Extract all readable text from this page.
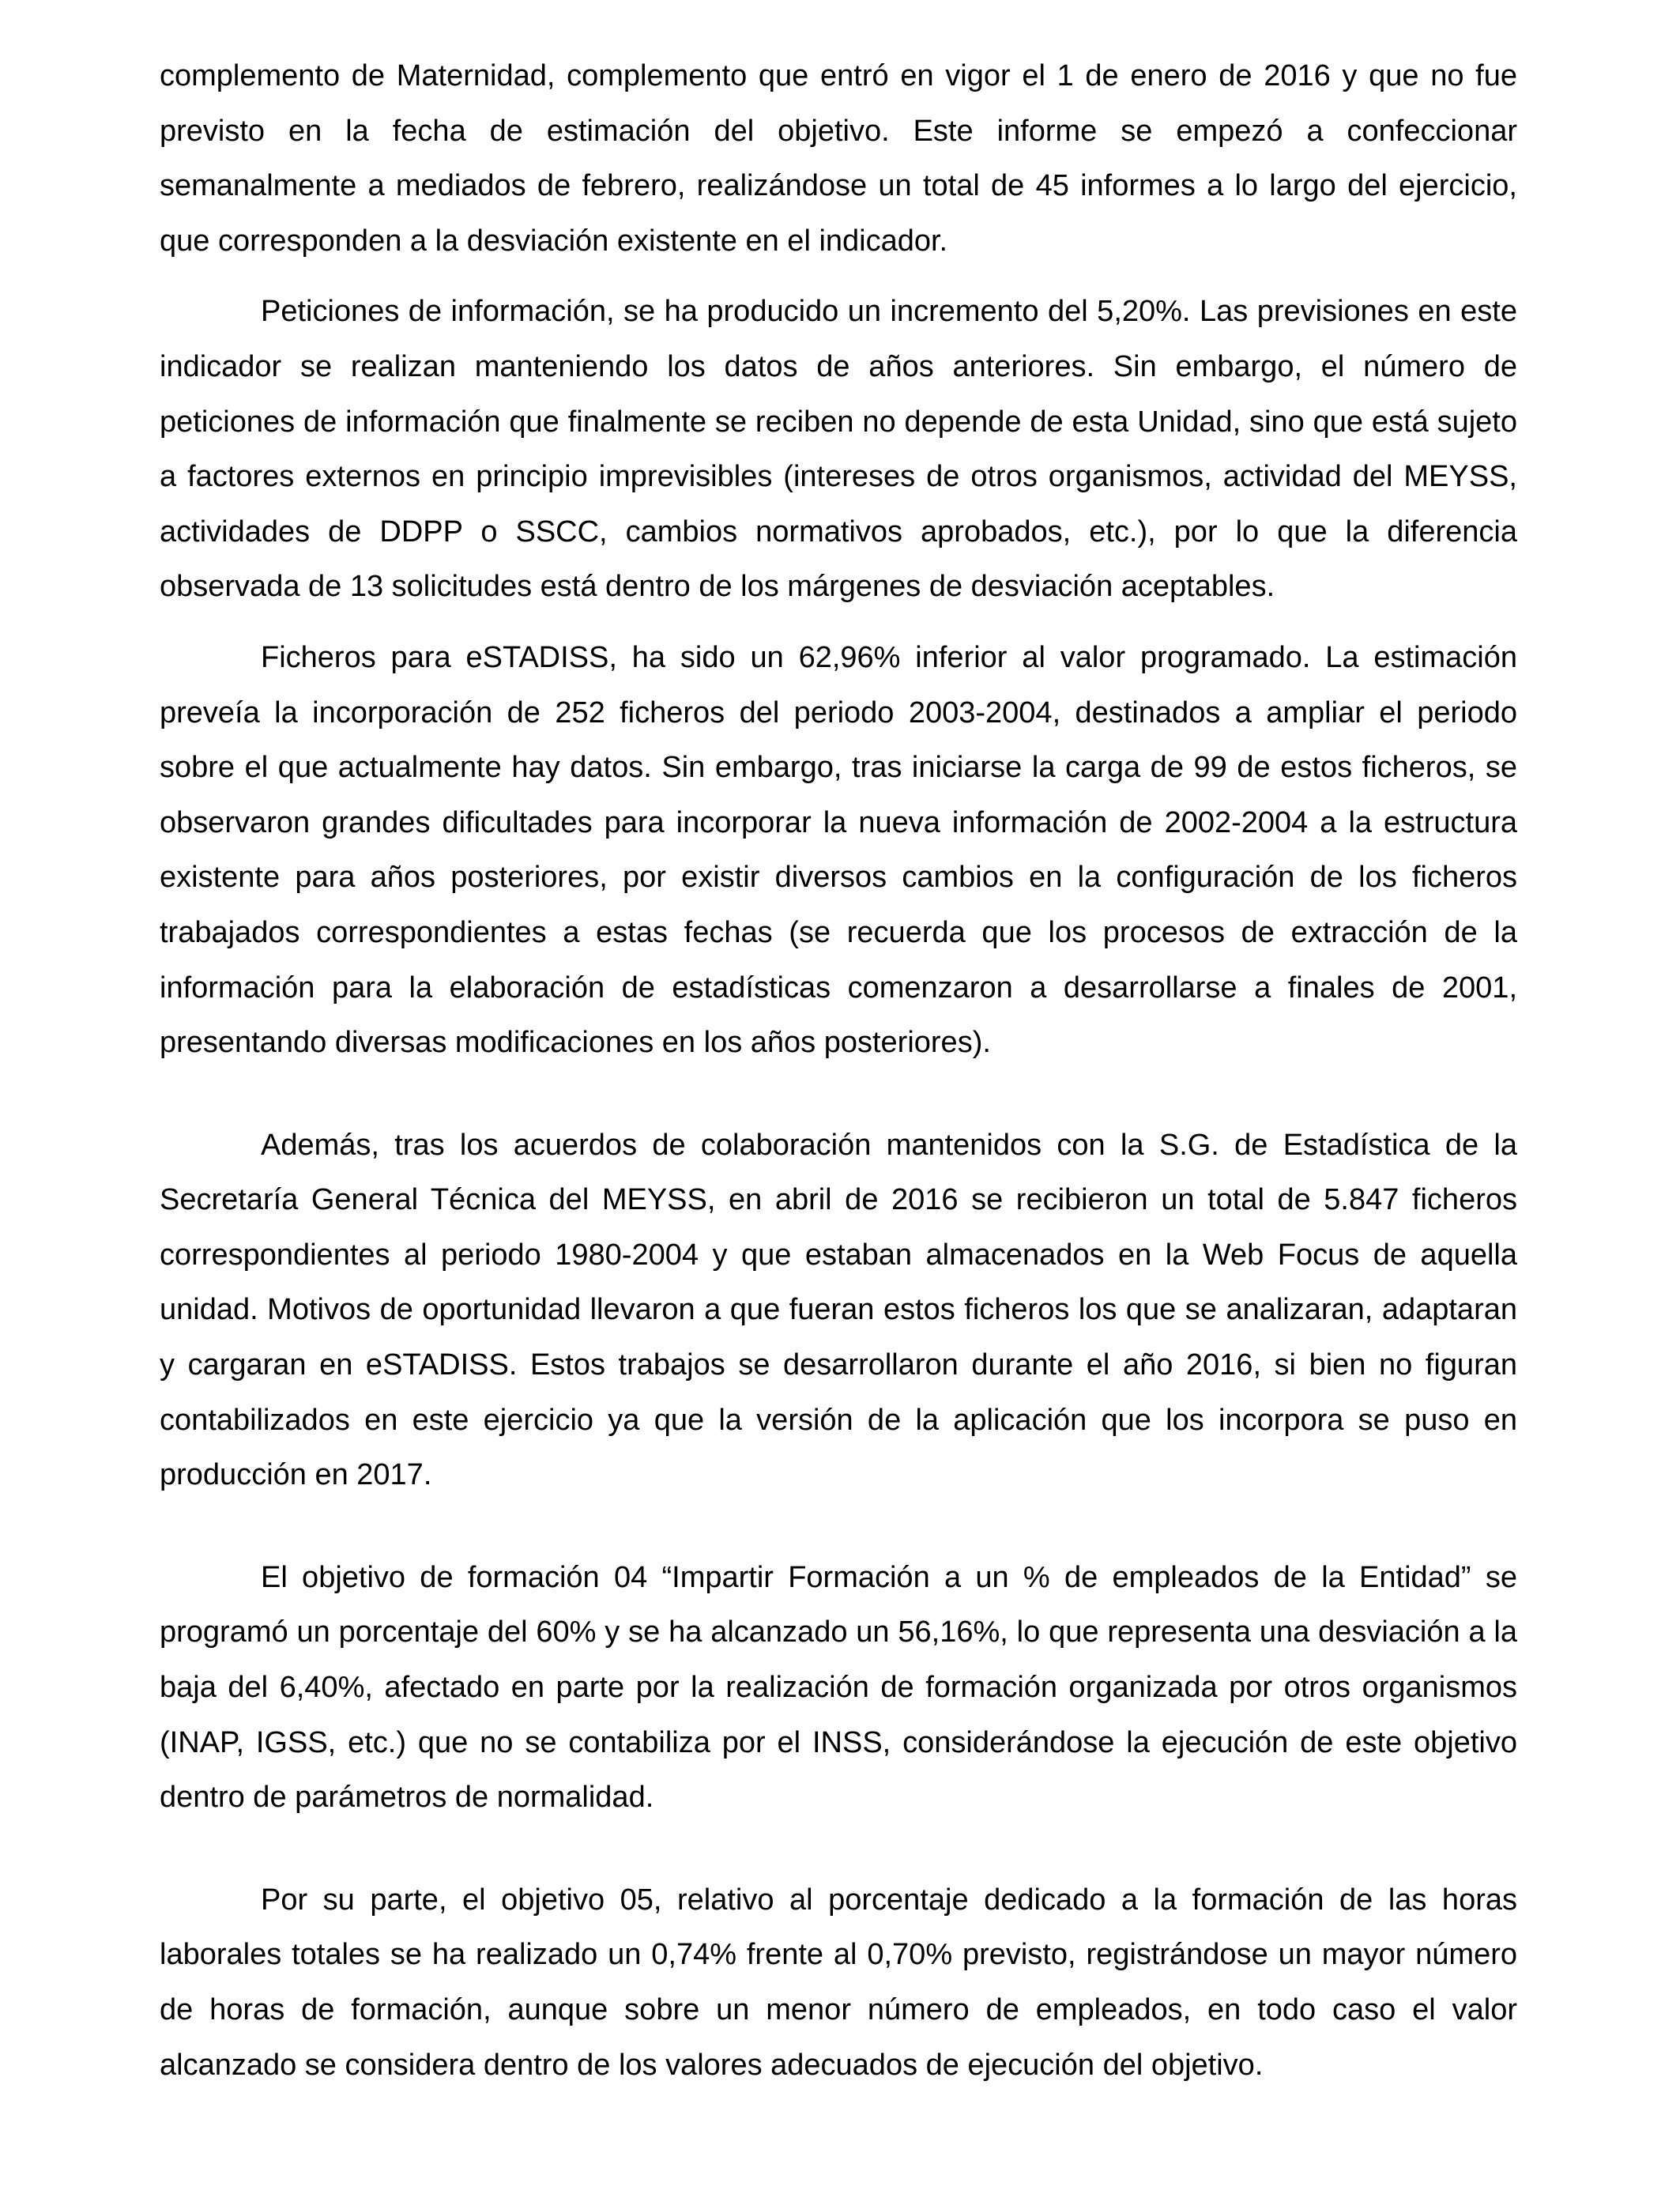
complemento de Maternidad, complemento que entró en vigor el 1 de enero de 2016 y que no fue previsto en la fecha de estimación del objetivo. Este informe se empezó a confeccionar semanalmente a mediados de febrero, realizándose un total de 45 informes a lo largo del ejercicio, que corresponden a la desviación existente en el indicador.

Peticiones de información, se ha producido un incremento del 5,20%. Las previsiones en este indicador se realizan manteniendo los datos de años anteriores. Sin embargo, el número de peticiones de información que finalmente se reciben no depende de esta Unidad, sino que está sujeto a factores externos en principio imprevisibles (intereses de otros organismos, actividad del MEYSS, actividades de DDPP o SSCC, cambios normativos aprobados, etc.), por lo que la diferencia observada de 13 solicitudes está dentro de los márgenes de desviación aceptables.

Ficheros para eSTADISS, ha sido un 62,96% inferior al valor programado. La estimación preveía la incorporación de 252 ficheros del periodo 2003-2004, destinados a ampliar el periodo sobre el que actualmente hay datos. Sin embargo, tras iniciarse la carga de 99 de estos ficheros, se observaron grandes dificultades para incorporar la nueva información de 2002-2004 a la estructura existente para años posteriores, por existir diversos cambios en la configuración de los ficheros trabajados correspondientes a estas fechas (se recuerda que los procesos de extracción de la información para la elaboración de estadísticas comenzaron a desarrollarse a finales de 2001, presentando diversas modificaciones en los años posteriores).

Además, tras los acuerdos de colaboración mantenidos con la S.G. de Estadística de la Secretaría General Técnica del MEYSS, en abril de 2016 se recibieron un total de 5.847 ficheros correspondientes al periodo 1980-2004 y que estaban almacenados en la Web Focus de aquella unidad. Motivos de oportunidad llevaron a que fueran estos ficheros los que se analizaran, adaptaran y cargaran en eSTADISS. Estos trabajos se desarrollaron durante el año 2016, si bien no figuran contabilizados en este ejercicio ya que la versión de la aplicación que los incorpora se puso en producción en 2017.

El objetivo de formación 04 “Impartir Formación a un % de empleados de la Entidad” se programó un porcentaje del 60% y se ha alcanzado un 56,16%, lo que representa una desviación a la baja del 6,40%, afectado en parte por la realización de formación organizada por otros organismos (INAP, IGSS, etc.) que no se contabiliza por el INSS, considerándose la ejecución de este objetivo dentro de parámetros de normalidad.

Por su parte, el objetivo 05, relativo al porcentaje dedicado a la formación de las horas laborales totales se ha realizado un 0,74% frente al 0,70% previsto, registrándose un mayor número de horas de formación, aunque sobre un menor número de empleados, en todo caso el valor alcanzado se considera dentro de los valores adecuados de ejecución del objetivo.
